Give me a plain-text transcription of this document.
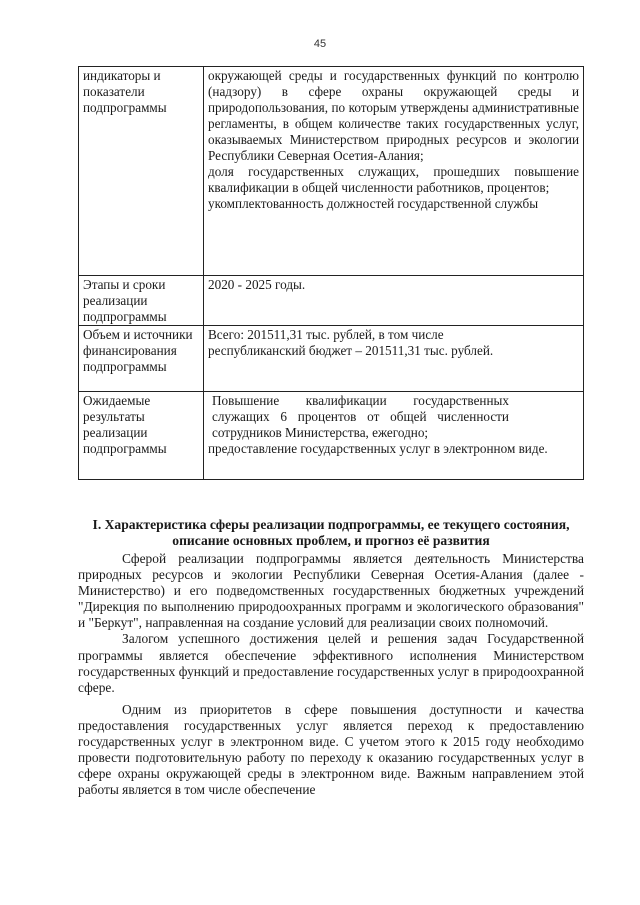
45
индикаторы и показатели подпрограммы	окружающей среды и государственных функций по контролю (надзору) в сфере охраны окружающей среды и природопользования, по которым утверждены административные регламенты, в общем количестве таких государственных услуг, оказываемых Министерством природных ресурсов и экологии Республики Северная Осетия-Алания;

доля государственных служащих, прошедших повышение квалификации в общей численности работников, процентов;

укомплектованность должностей государственной службы

Этапы и сроки реализации подпрограммы	2020 - 2025 годы.

Объем и источники финансирования подпрограммы	Всего: 201511,31 тыс. рублей, в том числе

республиканский бюджет – 201511,31 тыс. рублей.

Ожидаемые результаты реализации подпрограммы	Повышение квалификации государственных служащих 6 процентов от общей численности сотрудников Министерства, ежегодно;

предоставление государственных услуг в электронном виде.

I. Характеристика сферы реализации подпрограммы, ее текущего состояния, описание основных проблем, и прогноз её развития

Сферой реализации подпрограммы является деятельность Министерства природных ресурсов и экологии Республики Северная Осетия-Алания (далее - Министерство) и его подведомственных государственных бюджетных учреждений "Дирекция по выполнению природоохранных программ и экологического образования" и "Беркут", направленная на создание условий для реализации своих полномочий.

Залогом успешного достижения целей и решения задач Государственной программы является обеспечение эффективного исполнения Министерством государственных функций и предоставление государственных услуг в природоохранной сфере.

Одним из приоритетов в сфере повышения доступности и качества предоставления государственных услуг является переход к предоставлению государственных услуг в электронном виде. С учетом этого к 2015 году необходимо провести подготовительную работу по переходу к оказанию государственных услуг в сфере охраны окружающей среды в электронном виде. Важным направлением этой работы является в том числе обеспечение
